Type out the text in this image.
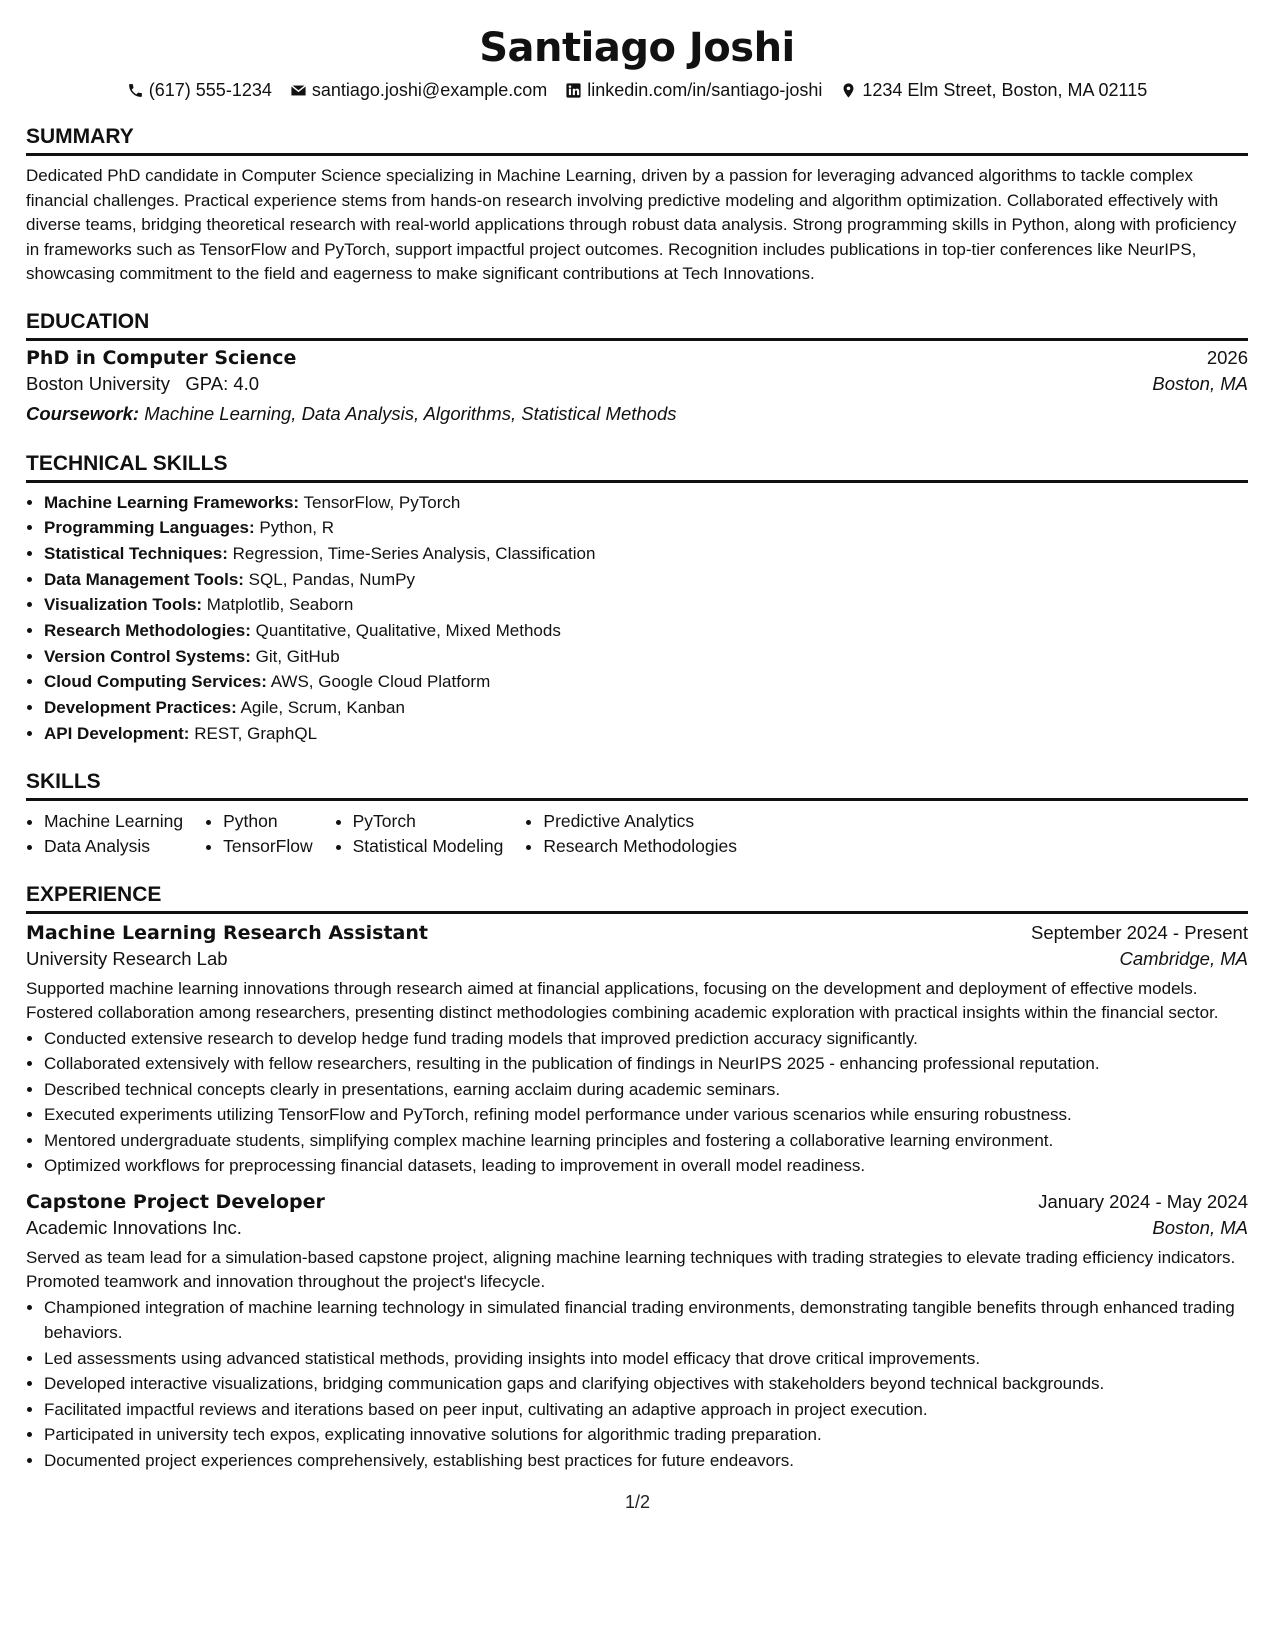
Santiago Joshi
(617) 555-1234 santiago.joshi@example.com linkedin.com/in/santiago-joshi 1234 Elm Street, Boston, MA 02115
SUMMARY

Dedicated PhD candidate in Computer Science specializing in Machine Learning, driven by a passion for leveraging advanced algorithms to tackle complex financial challenges. Practical experience stems from hands-on research involving predictive modeling and algorithm optimization. Collaborated effectively with diverse teams, bridging theoretical research with real-world applications through robust data analysis. Strong programming skills in Python, along with proficiency in frameworks such as TensorFlow and PyTorch, support impactful project outcomes. Recognition includes publications in top-tier conferences like NeurIPS, showcasing commitment to the field and eagerness to make significant contributions at Tech Innovations.

EDUCATION
PhD in Computer Science	2026
Boston University GPA: 4.0	Boston, MA
Coursework: Machine Learning, Data Analysis, Algorithms, Statistical Methods
TECHNICAL SKILLS
• Machine Learning Frameworks: TensorFlow, PyTorch
• Programming Languages: Python, R
• Statistical Techniques: Regression, Time-Series Analysis, Classification
• Data Management Tools: SQL, Pandas, NumPy
• Visualization Tools: Matplotlib, Seaborn
• Research Methodologies: Quantitative, Qualitative, Mixed Methods
• Version Control Systems: Git, GitHub
• Cloud Computing Services: AWS, Google Cloud Platform
• Development Practices: Agile, Scrum, Kanban
• API Development: REST, GraphQL
SKILLS
• Machine Learning
• Data Analysis
• Python
• TensorFlow
• PyTorch
• Statistical Modeling
• Predictive Analytics
• Research Methodologies
EXPERIENCE
Machine Learning Research Assistant	September 2024 - Present
University Research Lab	Cambridge, MA

Supported machine learning innovations through research aimed at financial applications, focusing on the development and deployment of effective models. Fostered collaboration among researchers, presenting distinct methodologies combining academic exploration with practical insights within the financial sector.

• Conducted extensive research to develop hedge fund trading models that improved prediction accuracy significantly.
• Collaborated extensively with fellow researchers, resulting in the publication of findings in NeurIPS 2025 - enhancing professional reputation.
• Described technical concepts clearly in presentations, earning acclaim during academic seminars.
• Executed experiments utilizing TensorFlow and PyTorch, refining model performance under various scenarios while ensuring robustness.
• Mentored undergraduate students, simplifying complex machine learning principles and fostering a collaborative learning environment.
• Optimized workflows for preprocessing financial datasets, leading to improvement in overall model readiness.
Capstone Project Developer	January 2024 - May 2024
Academic Innovations Inc.	Boston, MA

Served as team lead for a simulation-based capstone project, aligning machine learning techniques with trading strategies to elevate trading efficiency indicators. Promoted teamwork and innovation throughout the project's lifecycle.

• Championed integration of machine learning technology in simulated financial trading environments, demonstrating tangible benefits through enhanced trading behaviors.
• Led assessments using advanced statistical methods, providing insights into model efficacy that drove critical improvements.
• Developed interactive visualizations, bridging communication gaps and clarifying objectives with stakeholders beyond technical backgrounds.
• Facilitated impactful reviews and iterations based on peer input, cultivating an adaptive approach in project execution.
• Participated in university tech expos, explicating innovative solutions for algorithmic trading preparation.
• Documented project experiences comprehensively, establishing best practices for future endeavors.
1/2
